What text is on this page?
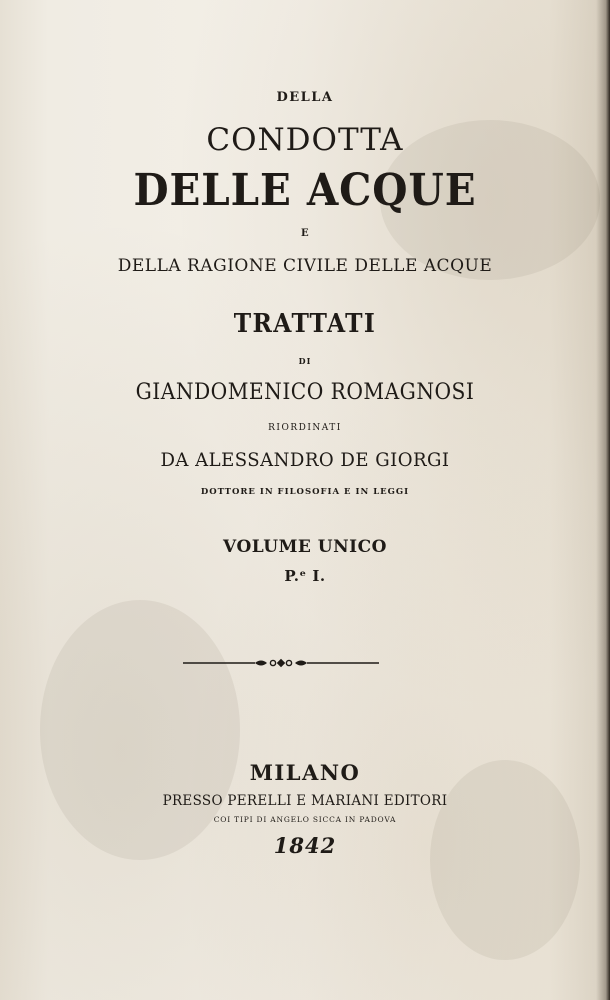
DELLA
CONDOTTA
DELLE ACQUE
E
DELLA RAGIONE CIVILE DELLE ACQUE
TRATTATI
DI
GIANDOMENICO ROMAGNOSI
RIORDINATI
DA ALESSANDRO DE GIORGI
DOTTORE IN FILOSOFIA E IN LEGGI
VOLUME UNICO
P.ᵉ I.
MILANO
PRESSO PERELLI E MARIANI EDITORI
COI TIPI DI ANGELO SICCA IN PADOVA
1842
